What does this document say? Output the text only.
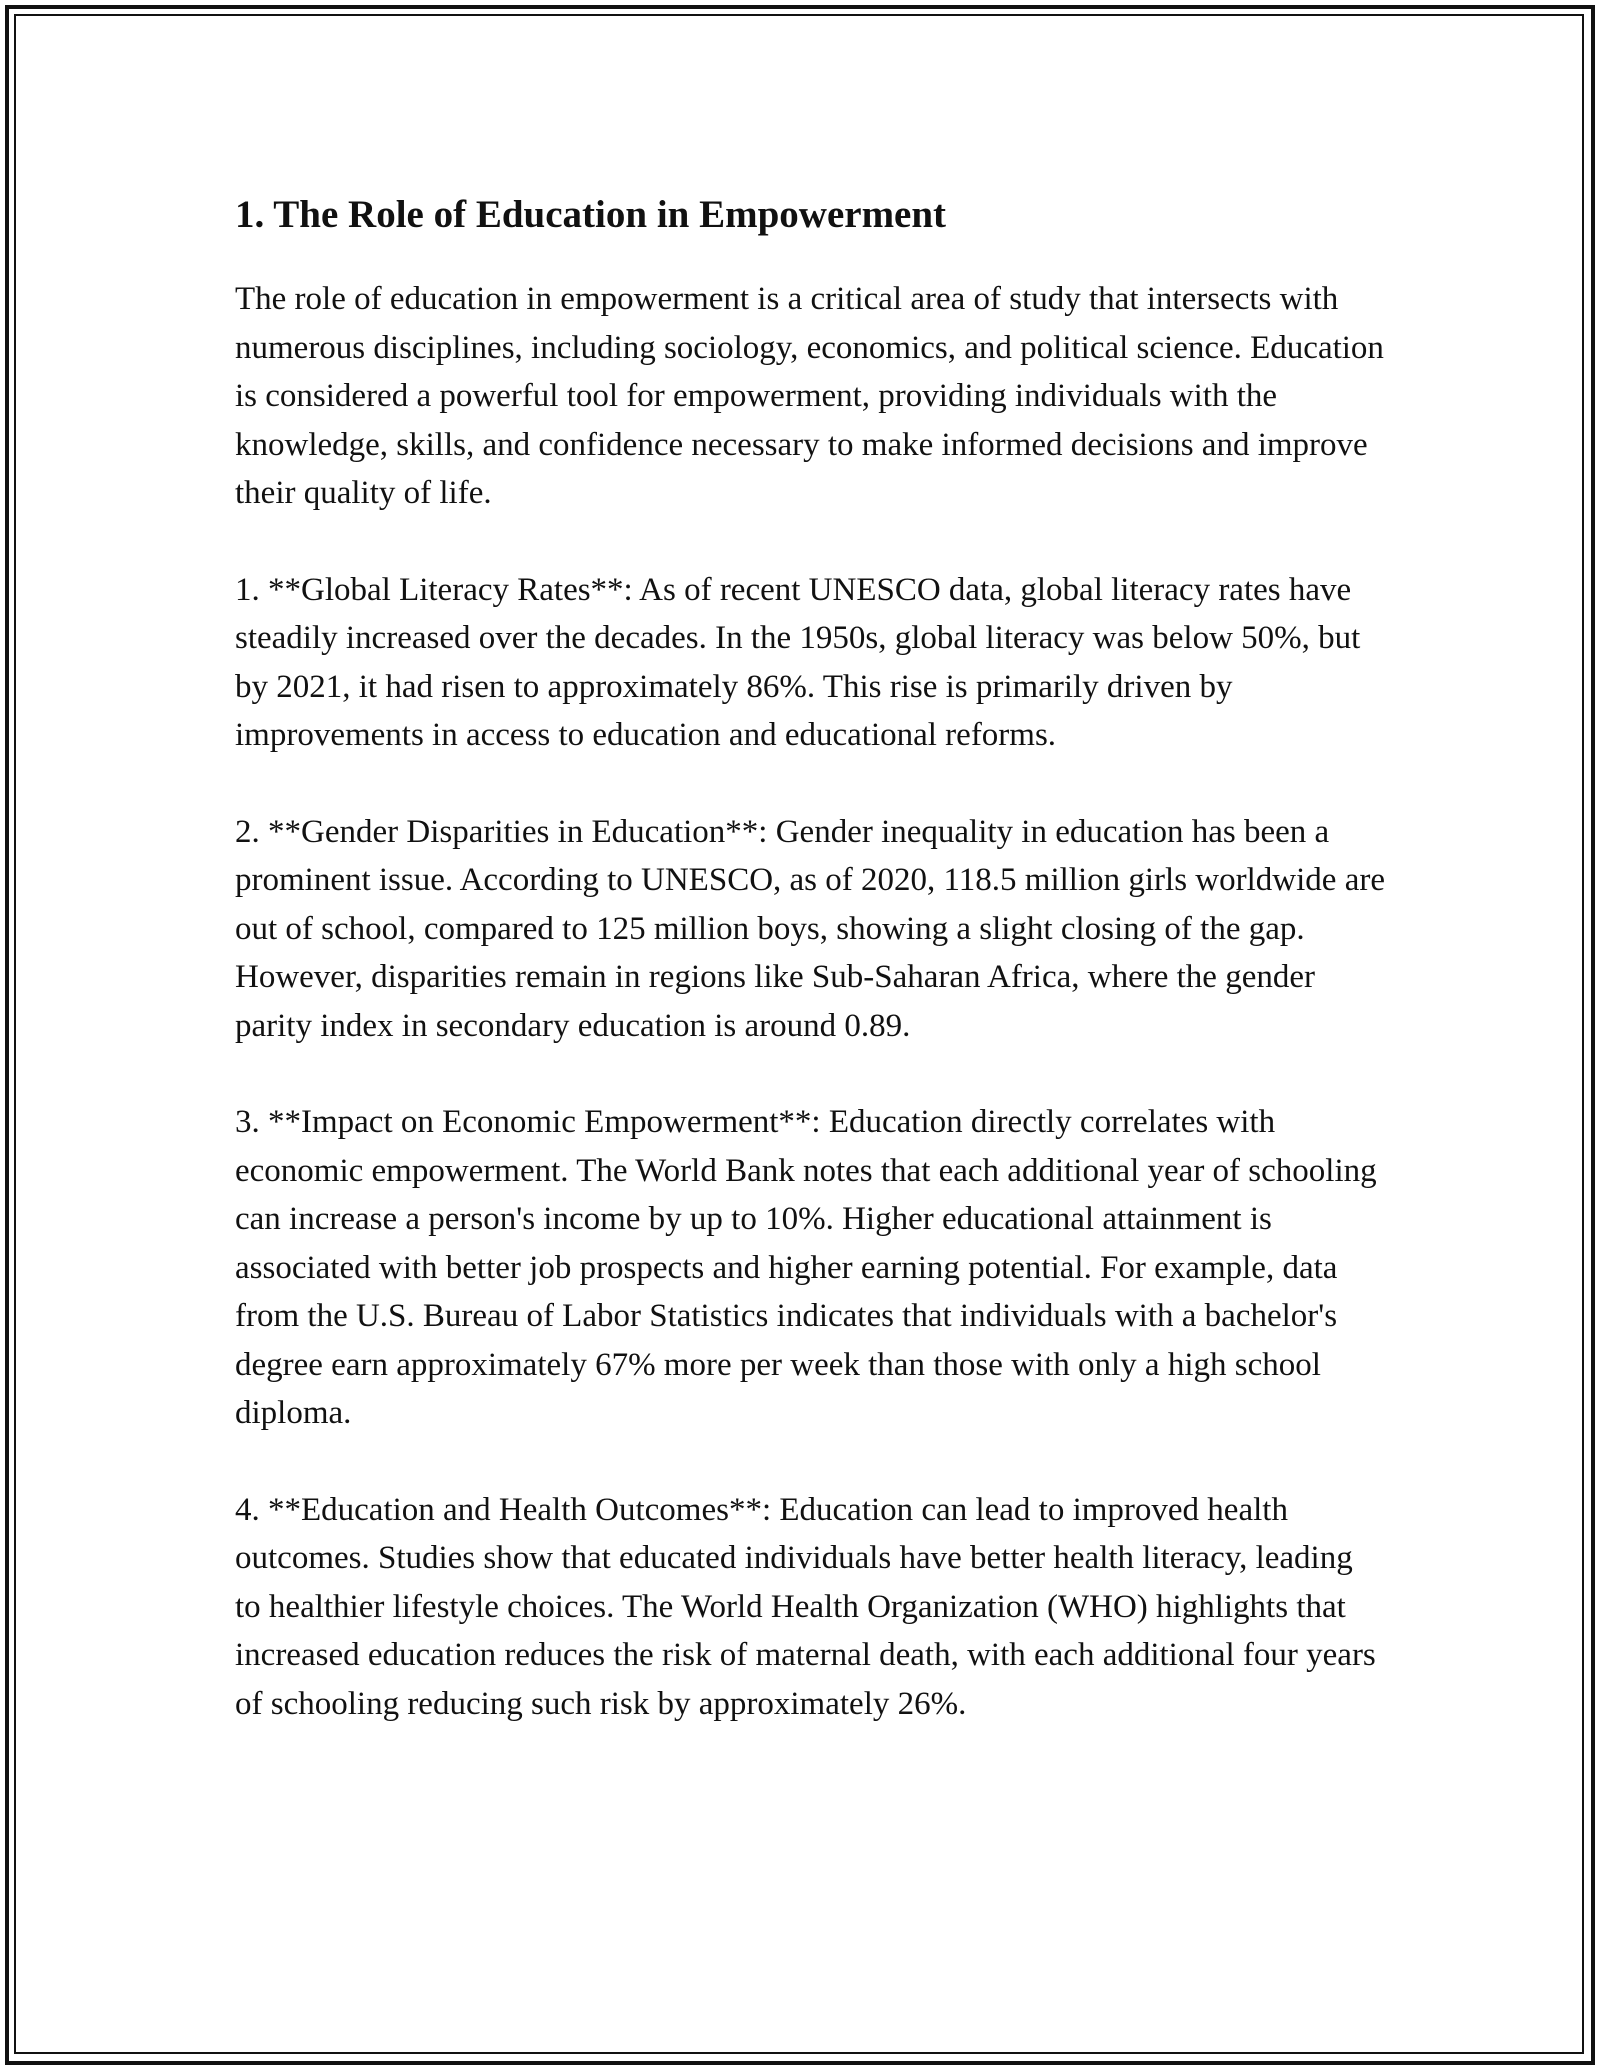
1. The Role of Education in Empowerment

The role of education in empowerment is a critical area of study that intersects with numerous disciplines, including sociology, economics, and political science. Education is considered a powerful tool for empowerment, providing individuals with the knowledge, skills, and confidence necessary to make informed decisions and improve their quality of life.

1. **Global Literacy Rates**: As of recent UNESCO data, global literacy rates have steadily increased over the decades. In the 1950s, global literacy was below 50%, but by 2021, it had risen to approximately 86%. This rise is primarily driven by improvements in access to education and educational reforms.

2. **Gender Disparities in Education**: Gender inequality in education has been a prominent issue. According to UNESCO, as of 2020, 118.5 million girls worldwide are out of school, compared to 125 million boys, showing a slight closing of the gap. However, disparities remain in regions like Sub-Saharan Africa, where the gender parity index in secondary education is around 0.89.

3. **Impact on Economic Empowerment**: Education directly correlates with economic empowerment. The World Bank notes that each additional year of schooling can increase a person's income by up to 10%. Higher educational attainment is associated with better job prospects and higher earning potential. For example, data from the U.S. Bureau of Labor Statistics indicates that individuals with a bachelor's degree earn approximately 67% more per week than those with only a high school diploma.

4. **Education and Health Outcomes**: Education can lead to improved health outcomes. Studies show that educated individuals have better health literacy, leading to healthier lifestyle choices. The World Health Organization (WHO) highlights that increased education reduces the risk of maternal death, with each additional four years of schooling reducing such risk by approximately 26%.
